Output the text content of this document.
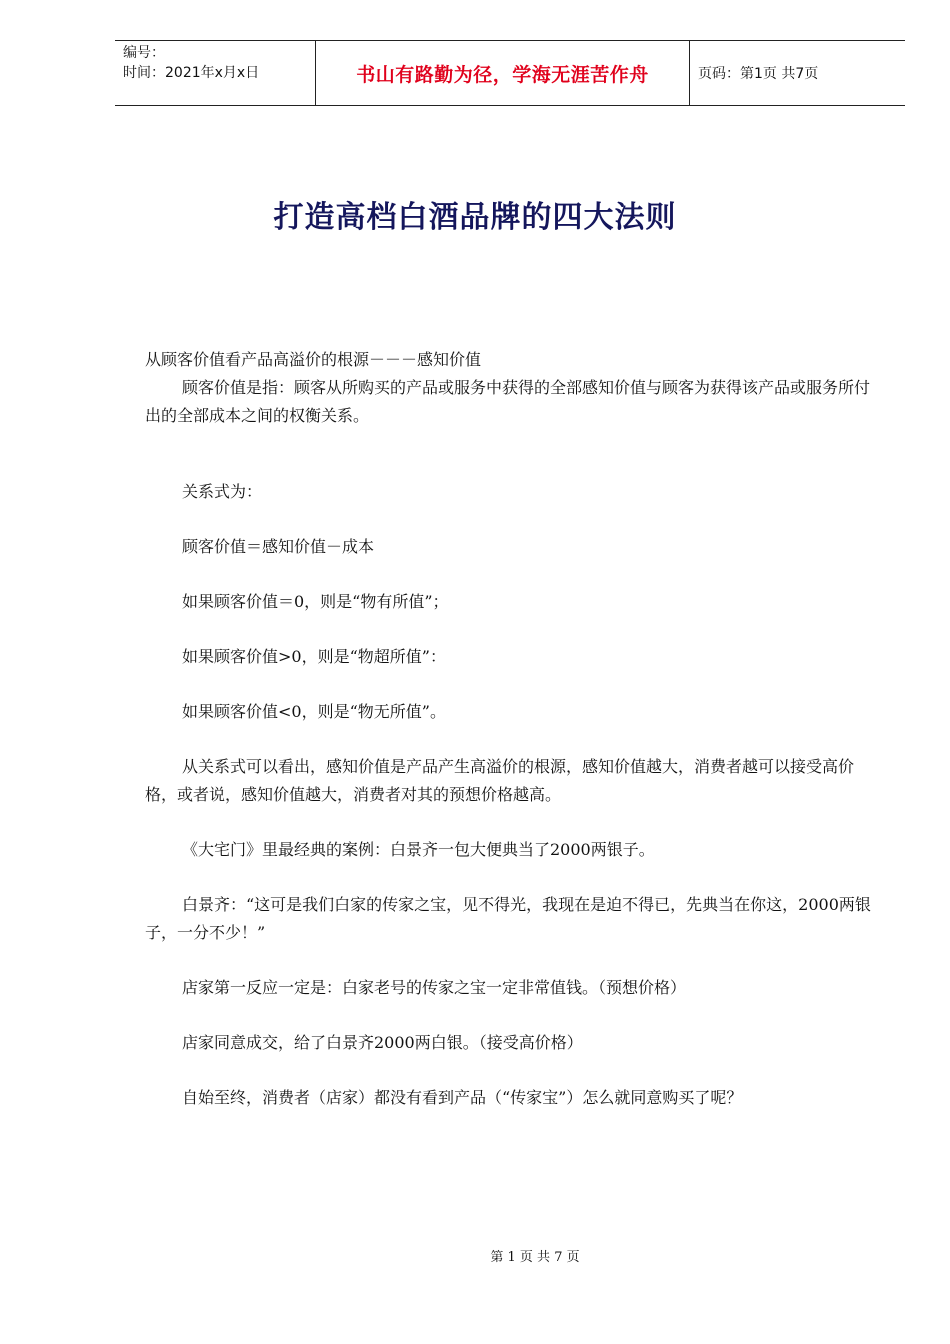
编号：
时间：2021年x月x日	书山有路勤为径，学海无涯苦作舟	页码：第1页 共7页
打造高档白酒品牌的四大法则

从顾客价值看产品高溢价的根源－－－感知价值

顾客价值是指：顾客从所购买的产品或服务中获得的全部感知价值与顾客为获得该产品或服务所付出的全部成本之间的权衡关系。

关系式为：

顾客价值＝感知价值－成本

如果顾客价值＝0，则是“物有所值”；

如果顾客价值>0，则是“物超所值”：

如果顾客价值<0，则是“物无所值”。

从关系式可以看出，感知价值是产品产生高溢价的根源，感知价值越大，消费者越可以接受高价格，或者说，感知价值越大，消费者对其的预想价格越高。

《大宅门》里最经典的案例：白景齐一包大便典当了2000两银子。

白景齐：“这可是我们白家的传家之宝，见不得光，我现在是迫不得已，先典当在你这，2000两银子，一分不少！”

店家第一反应一定是：白家老号的传家之宝一定非常值钱。（预想价格）

店家同意成交，给了白景齐2000两白银。（接受高价格）

自始至终，消费者（店家）都没有看到产品（“传家宝”）怎么就同意购买了呢？

第 1 页 共 7 页
